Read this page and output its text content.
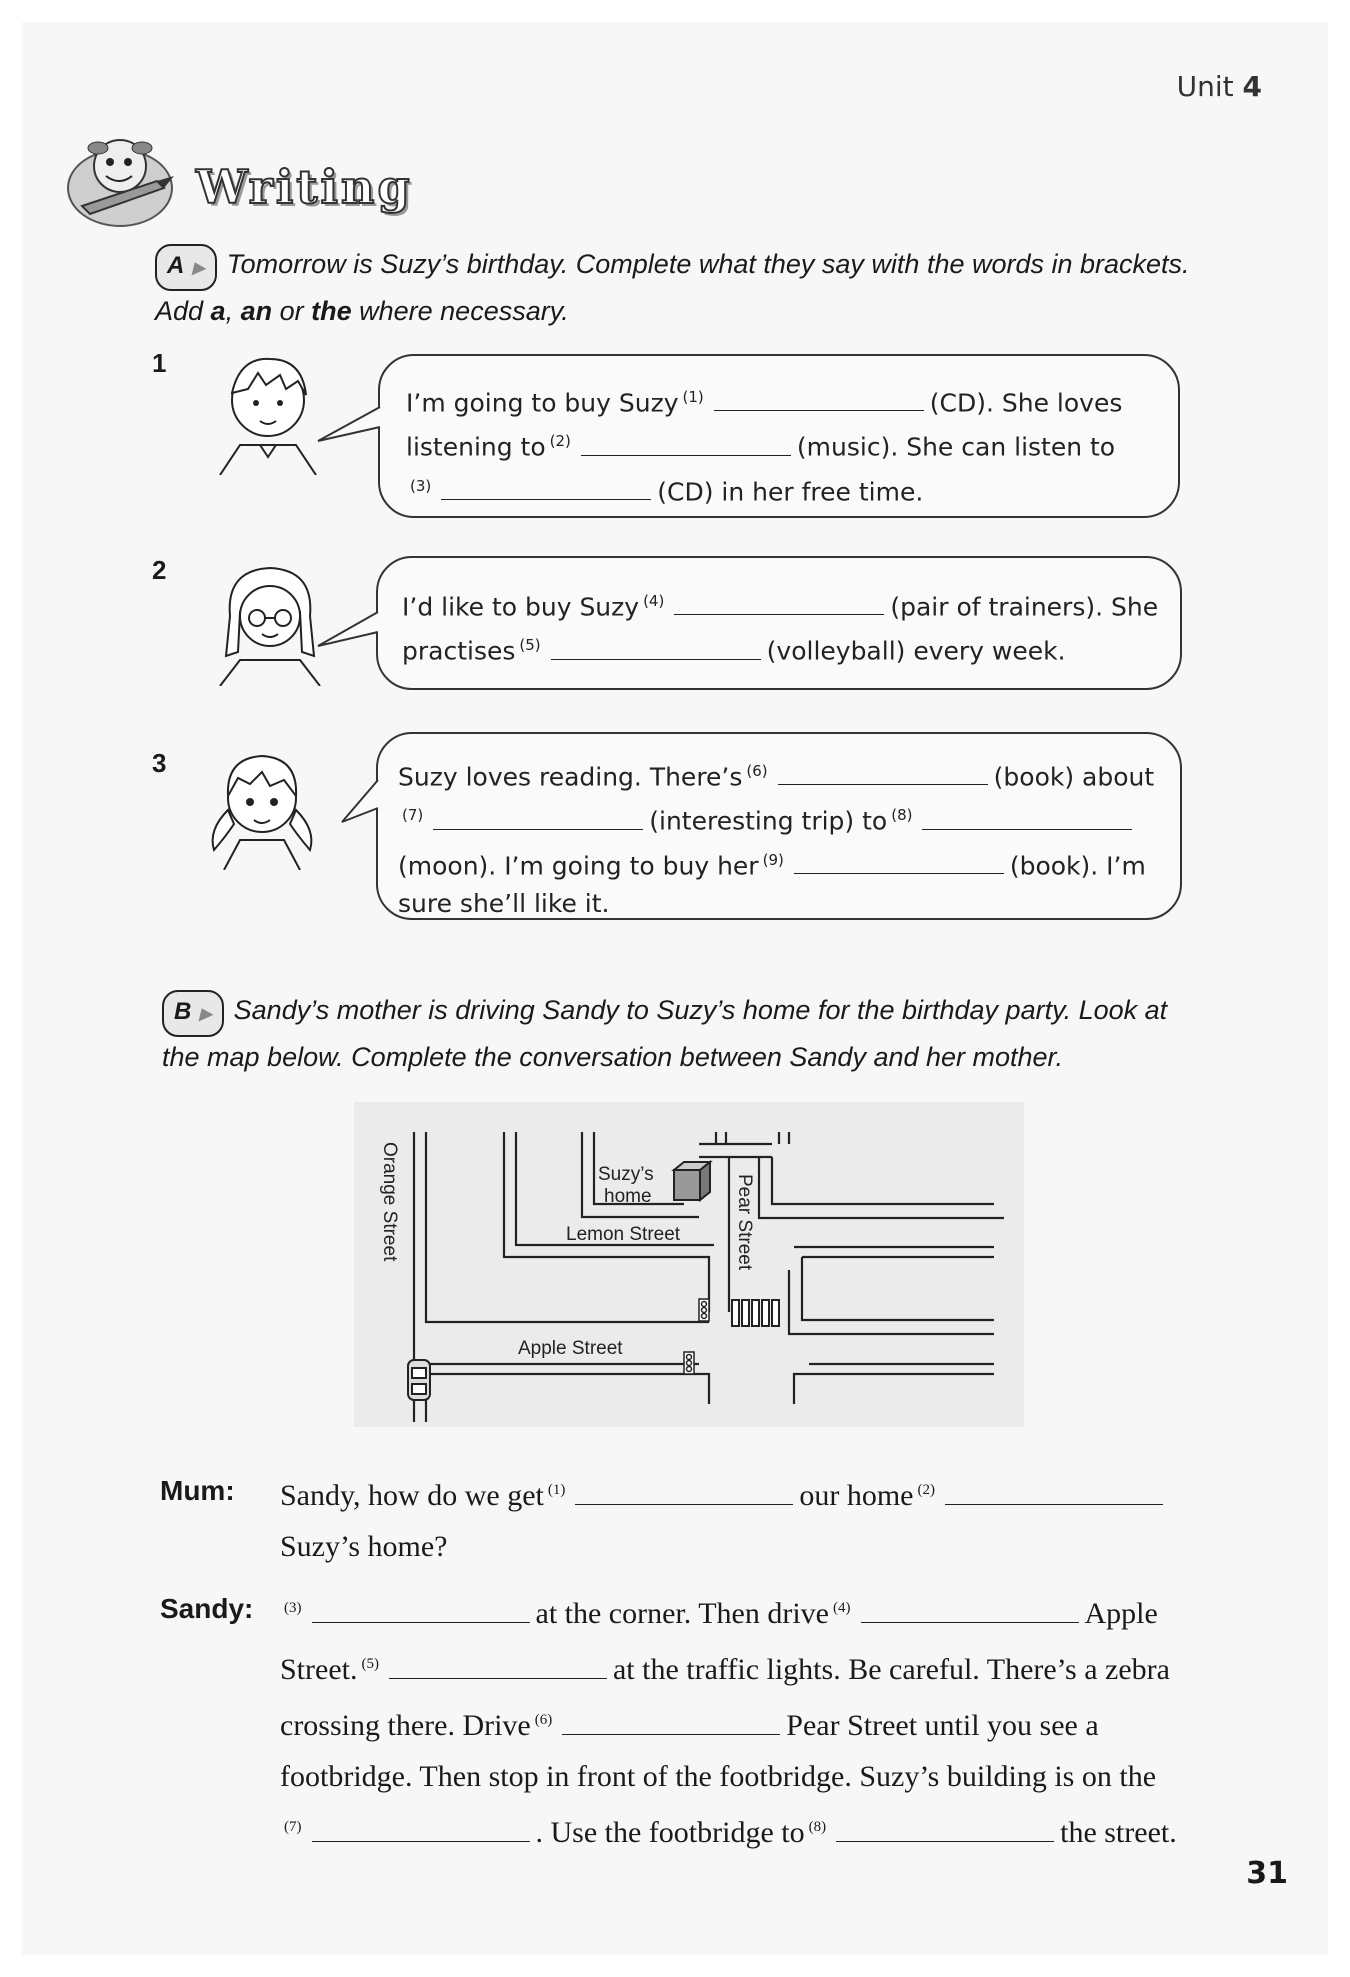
Unit 4
Writing
A ▶ Tomorrow is Suzy’s birthday. Complete what they say with the words in brackets.
Add a, an or the where necessary.
1
I’m going to buy Suzy $^{(1)}$	(CD). She loves
listening to $^{(2)}$	(music). She can listen to
$^{(3)}$	(CD) in her free time.
2
I’d like to buy Suzy $^{(4)}$	(pair of trainers). She
practises $^{(5)}$	(volleyball) every week.
3	Suzy loves reading. There’s $^{(6)}$	(book) about
$^{(7)}$	(interesting trip) to $^{(8)}$
(moon). I’m going to buy her $^{(9)}$	(book). I’m
sure she’ll like it.
B ▶ Sandy’s mother is driving Sandy to Suzy’s home for the birthday party. Look at
the map below. Complete the conversation between Sandy and her mother.
Suzy’s
home
Lemon Street
Apple Street
Orange Street	Pear Street
Mum: Sandy, how do we get $^{(1)}$	our home $^{(2)}$
Suzy’s home?
Sandy: $^{(3)}$	at the corner. Then drive $^{(4)}$	Apple
Street. $^{(5)}$	at the traffic lights. Be careful. There’s a zebra
crossing there. Drive $^{(6)}$	Pear Street until you see a
footbridge. Then stop in front of the footbridge. Suzy’s building is on the
$^{(7)}$	. Use the footbridge to $^{(8)}$	the street.
31
